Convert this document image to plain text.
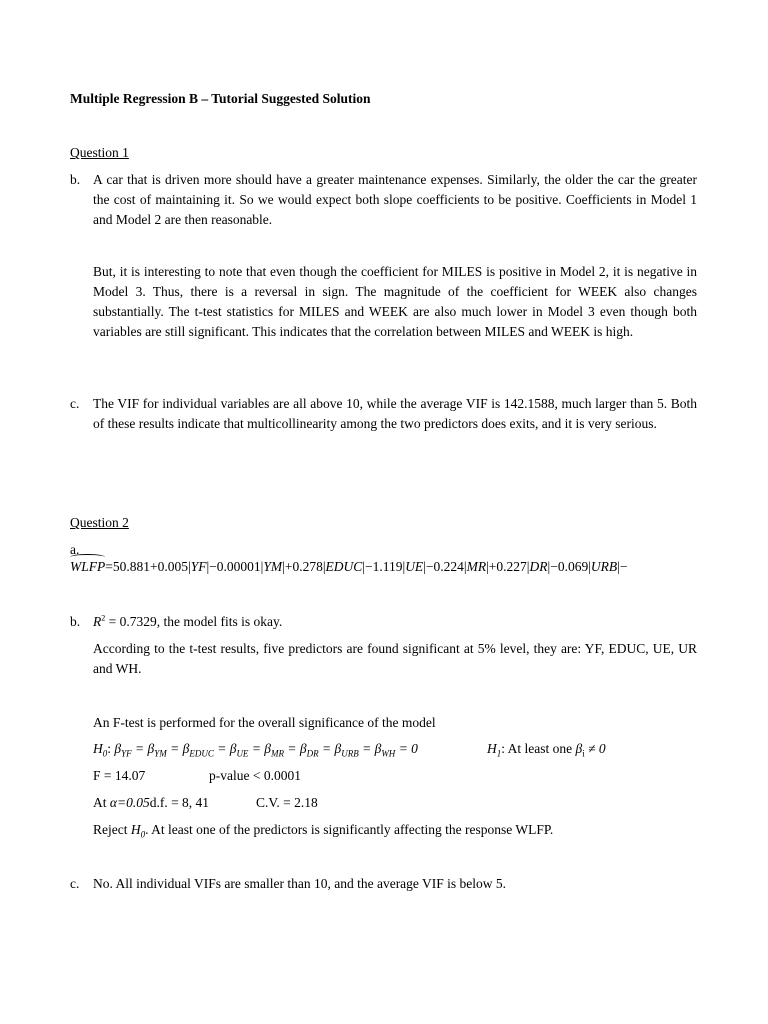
Multiple Regression B – Tutorial Suggested Solution
Question 1
b. A car that is driven more should have a greater maintenance expenses. Similarly, the older the car the greater the cost of maintaining it. So we would expect both slope coefficients to be positive. Coefficients in Model 1 and Model 2 are then reasonable.
But, it is interesting to note that even though the coefficient for MILES is positive in Model 2, it is negative in Model 3. Thus, there is a reversal in sign. The magnitude of the coefficient for WEEK also changes substantially. The t-test statistics for MILES and WEEK are also much lower in Model 3 even though both variables are still significant. This indicates that the correlation between MILES and WEEK is high.
c. The VIF for individual variables are all above 10, while the average VIF is 142.1588, much larger than 5. Both of these results indicate that multicollinearity among the two predictors does exits, and it is very serious.
Question 2
a.
WLFP=50.881+0.005|YF|−0.00001|YM|+0.278|EDUC|−1.119|UE|−0.224|MR|+0.227|DR|−0.069|URB|−
b. $R^2 = 0.7329$, the model fits is okay.
According to the t-test results, five predictors are found significant at 5% level, they are: YF, EDUC, UE, UR and WH.
An F-test is performed for the overall significance of the model
$H_0$: $\beta_{YF} = \beta_{YM} = \beta_{EDUC} = \beta_{UE} = \beta_{MR} = \beta_{DR} = \beta_{URB} = \beta_{WH} = 0$	$H_1$: At least one $\beta_i \ne 0$
F = 14.07	p-value < 0.0001
At α=0.05d.f. = 8, 41	C.V. = 2.18
Reject $H_0$. At least one of the predictors is significantly affecting the response WLFP.
c. No. All individual VIFs are smaller than 10, and the average VIF is below 5.
